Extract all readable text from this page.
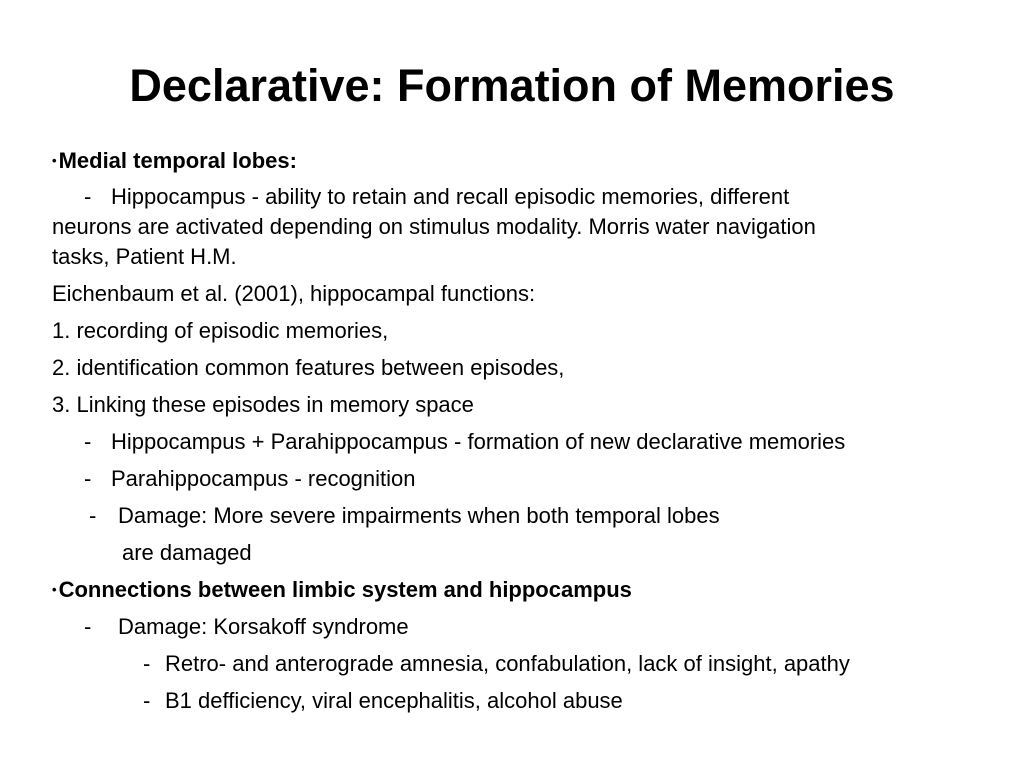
Declarative: Formation of Memories
•Medial temporal lobes:
- Hippocampus - ability to retain and recall episodic memories, different
neurons are activated depending on stimulus modality. Morris water navigation
tasks, Patient H.M.
Eichenbaum et al. (2001), hippocampal functions:
1. recording of episodic memories,
2. identification common features between episodes,
3. Linking these episodes in memory space
- Hippocampus + Parahippocampus - formation of new declarative memories
- Parahippocampus - recognition
- Damage: More severe impairments when both temporal lobes
are damaged
•Connections between limbic system and hippocampus
- Damage: Korsakoff syndrome
- Retro- and anterograde amnesia, confabulation, lack of insight, apathy
- B1 defficiency, viral encephalitis, alcohol abuse
